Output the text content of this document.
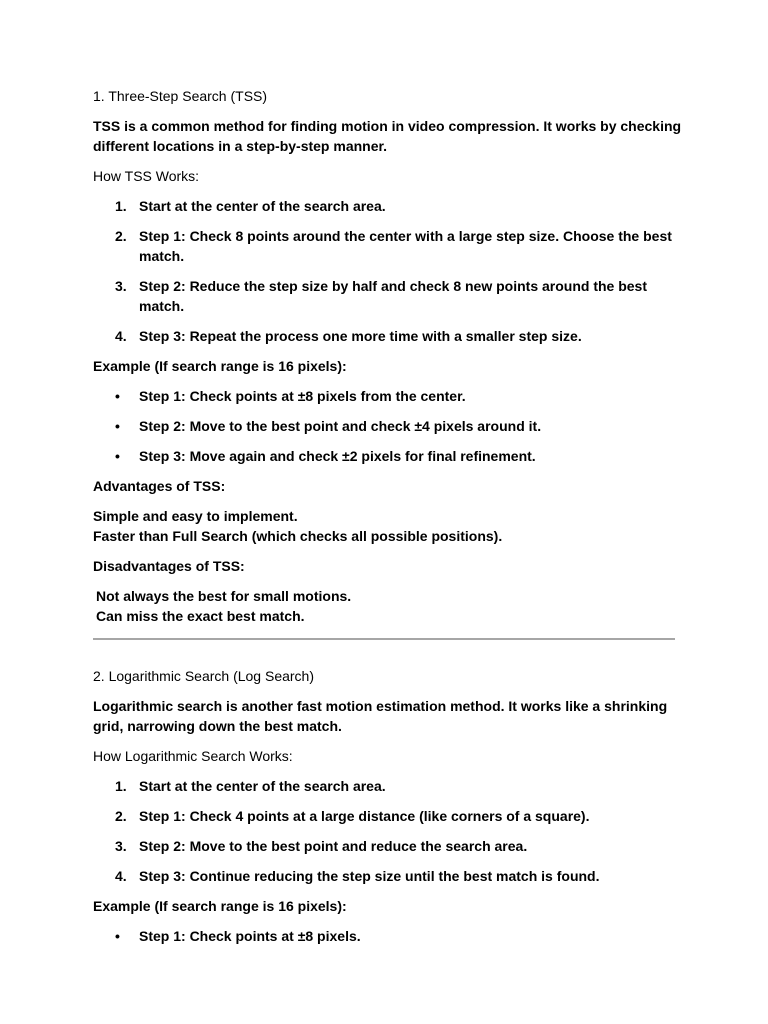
1. Three-Step Search (TSS)
TSS is a common method for finding motion in video compression. It works by checking different locations in a step-by-step manner.
How TSS Works:
1. Start at the center of the search area.
2. Step 1: Check 8 points around the center with a large step size. Choose the best match.
3. Step 2: Reduce the step size by half and check 8 new points around the best match.
4. Step 3: Repeat the process one more time with a smaller step size.
Example (If search range is 16 pixels):
• Step 1: Check points at ±8 pixels from the center.
• Step 2: Move to the best point and check ±4 pixels around it.
• Step 3: Move again and check ±2 pixels for final refinement.
Advantages of TSS:
Simple and easy to implement.
Faster than Full Search (which checks all possible positions).
Disadvantages of TSS:
Not always the best for small motions.
Can miss the exact best match.
2. Logarithmic Search (Log Search)
Logarithmic search is another fast motion estimation method. It works like a shrinking grid, narrowing down the best match.
How Logarithmic Search Works:
1. Start at the center of the search area.
2. Step 1: Check 4 points at a large distance (like corners of a square).
3. Step 2: Move to the best point and reduce the search area.
4. Step 3: Continue reducing the step size until the best match is found.
Example (If search range is 16 pixels):
• Step 1: Check points at ±8 pixels.
